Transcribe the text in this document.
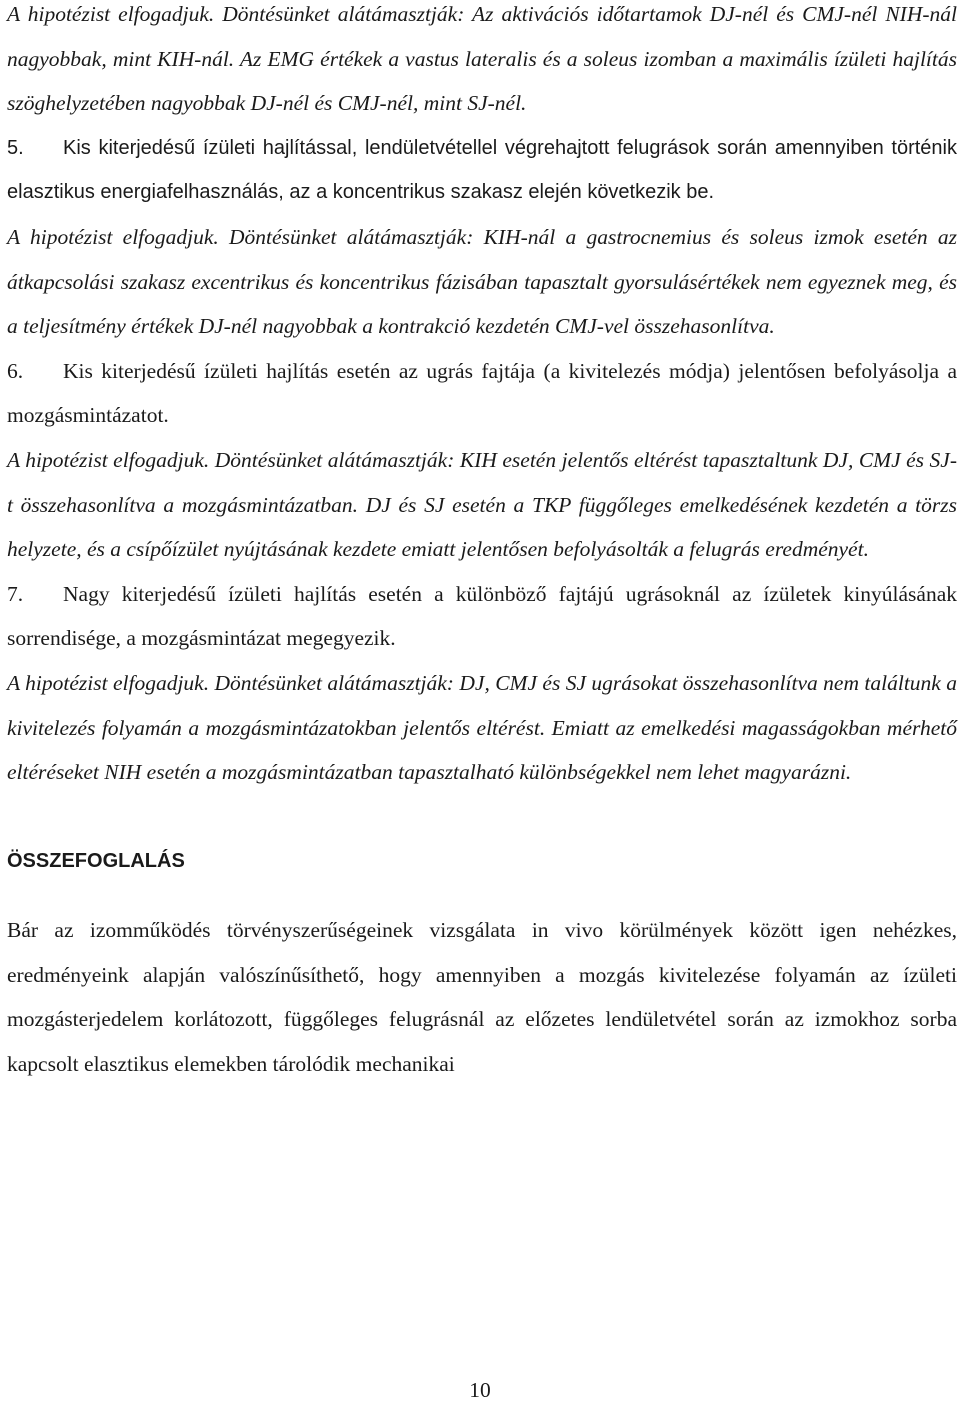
A hipotézist elfogadjuk. Döntésünket alátámasztják: Az aktivációs időtartamok DJ-nél és CMJ-nél NIH-nál nagyobbak, mint KIH-nál. Az EMG értékek a vastus lateralis és a soleus izomban a maximális ízületi hajlítás szöghelyzetében nagyobbak DJ-nél és CMJ-nél, mint SJ-nél.

5. Kis kiterjedésű ízületi hajlítással, lendületvétellel végrehajtott felugrások során amennyiben történik elasztikus energiafelhasználás, az a koncentrikus szakasz elején következik be.

A hipotézist elfogadjuk. Döntésünket alátámasztják: KIH-nál a gastrocnemius és soleus izmok esetén az átkapcsolási szakasz excentrikus és koncentrikus fázisában tapasztalt gyorsulásértékek nem egyeznek meg, és a teljesítmény értékek DJ-nél nagyobbak a kontrakció kezdetén CMJ-vel összehasonlítva.

6. Kis kiterjedésű ízületi hajlítás esetén az ugrás fajtája (a kivitelezés módja) jelentősen befolyásolja a mozgásmintázatot.

A hipotézist elfogadjuk. Döntésünket alátámasztják: KIH esetén jelentős eltérést tapasztaltunk DJ, CMJ és SJ-t összehasonlítva a mozgásmintázatban. DJ és SJ esetén a TKP függőleges emelkedésének kezdetén a törzs helyzete, és a csípőízület nyújtásának kezdete emiatt jelentősen befolyásolták a felugrás eredményét.

7. Nagy kiterjedésű ízületi hajlítás esetén a különböző fajtájú ugrásoknál az ízületek kinyúlásának sorrendisége, a mozgásmintázat megegyezik.

A hipotézist elfogadjuk. Döntésünket alátámasztják: DJ, CMJ és SJ ugrásokat összehasonlítva nem találtunk a kivitelezés folyamán a mozgásmintázatokban jelentős eltérést. Emiatt az emelkedési magasságokban mérhető eltéréseket NIH esetén a mozgásmintázatban tapasztalható különbségekkel nem lehet magyarázni.

ÖSSZEFOGLALÁS

Bár az izomműködés törvényszerűségeinek vizsgálata in vivo körülmények között igen nehézkes, eredményeink alapján valószínűsíthető, hogy amennyiben a mozgás kivitelezése folyamán az ízületi mozgásterjedelem korlátozott, függőleges felugrásnál az előzetes lendületvétel során az izmokhoz sorba kapcsolt elasztikus elemekben tárolódik mechanikai

10
